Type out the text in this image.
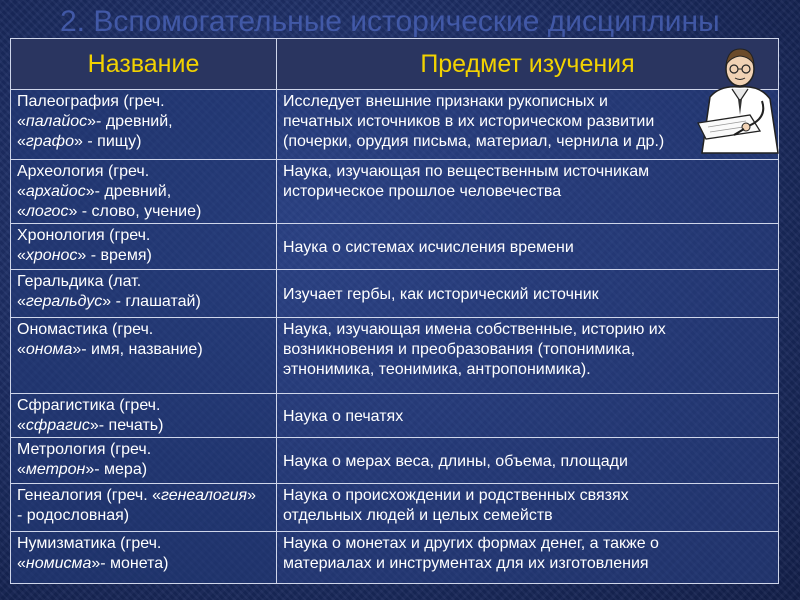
2. Вспомогательные исторические дисциплины
Название	Предмет изучения

Палеография (греч.
«палайос»- древний,
«графо» - пищу)	Исследует внешние признаки рукописных и
печатных источников в их историческом развитии
(почерки, орудия письма, материал, чернила и др.)

Археология (греч.
«архайос»- древний,
«логос» - слово, учение)	Наука, изучающая по вещественным источникам
историческое прошлое человечества

Хронология (греч.
«хронос» - время)	Наука о системах исчисления времени

Геральдика (лат.
«геральдус» - глашатай)	Изучает гербы, как исторический источник

Ономастика (греч.
«онома»- имя, название)	Наука, изучающая имена собственные, историю их
возникновения и преобразования (топонимика,
этнонимика, теонимика, антропонимика).

Сфрагистика (греч.
«сфрагис»- печать)	Наука о печатях

Метрология (греч.
«метрон»- мера)	Наука о мерах веса, длины, объема, площади

Генеалогия (греч. «генеалогия»
- родословная)	Наука о происхождении и родственных связях
отдельных людей и целых семейств

Нумизматика (греч.
«номисма»- монета)	Наука о монетах и других формах денег, а также о
материалах и инструментах для их изготовления
